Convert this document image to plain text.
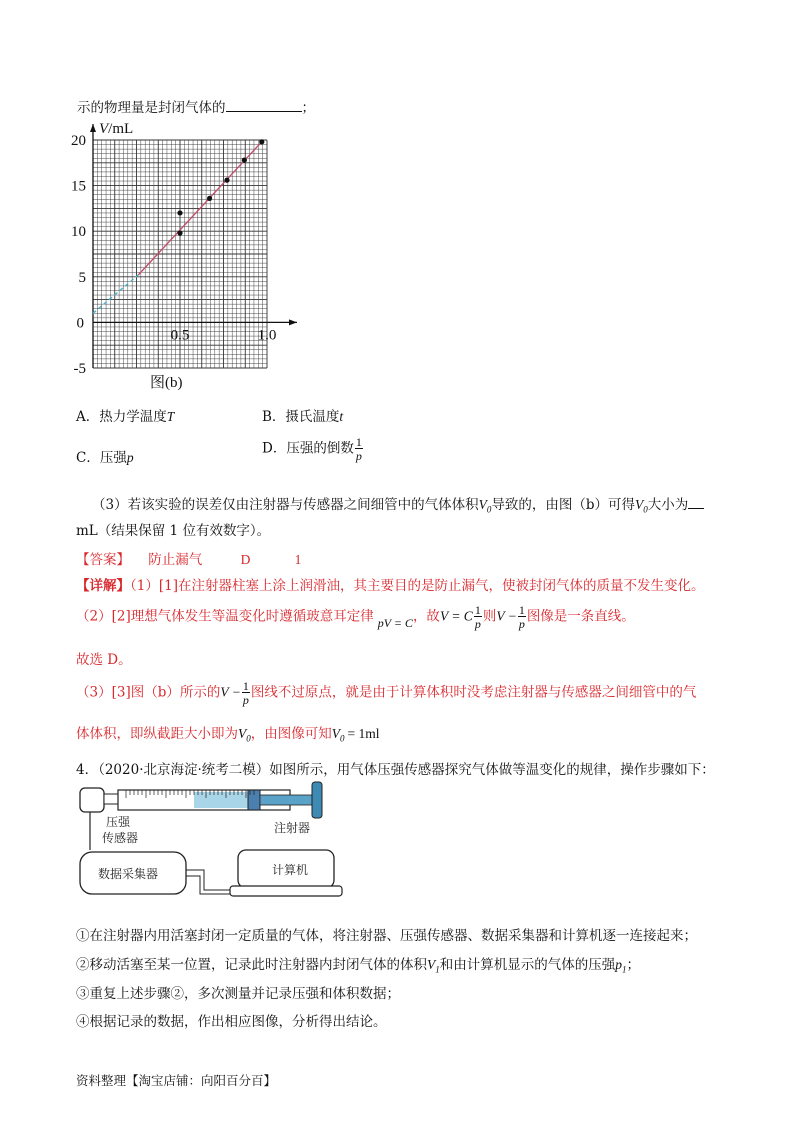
示的物理量是封闭气体的	；
20
15
10
5
-5
0
0.5	1.0
V/mL
图(b)
A．热力学温度T	B．摄氏温度t
C．压强p
D．压强的倒数 $\frac{1}{p}$
（3）若该实验的误差仅由注射器与传感器之间细管中的气体体积$V_0$导致的，由图（b）可得$V_0$大小为
mL（结果保留 1 位有效数字）。
【答案】 防止漏气	D	1
【详解】（1）[1]在注射器柱塞上涂上润滑油，其主要目的是防止漏气，使被封闭气体的质量不发生变化。
（2）[2]理想气体发生等温变化时遵循玻意耳定律 pV = C，故V = C $\frac{1}{p}$ 则$V - \frac{1}{p}$ 图像是一条直线。
故选 D。
（3）[3]图（b）所示的$V - \frac{1}{p}$ 图线不过原点，就是由于计算体积时没考虑注射器与传感器之间细管中的气
体体积，即纵截距大小即为$V_0$，由图像可知$V_0 = 1ml$
4．（2020·北京海淀·统考二模）如图所示，用气体压强传感器探究气体做等温变化的规律，操作步骤如下：
注射器
压强
传感器
数据采集器	计算机
①在注射器内用活塞封闭一定质量的气体，将注射器、压强传感器、数据采集器和计算机逐一连接起来；
②移动活塞至某一位置，记录此时注射器内封闭气体的体积$V_1$和由计算机显示的气体的压强$p_1$；
③重复上述步骤②，多次测量并记录压强和体积数据；
④根据记录的数据，作出相应图像，分析得出结论。
资料整理【淘宝店铺：向阳百分百】
